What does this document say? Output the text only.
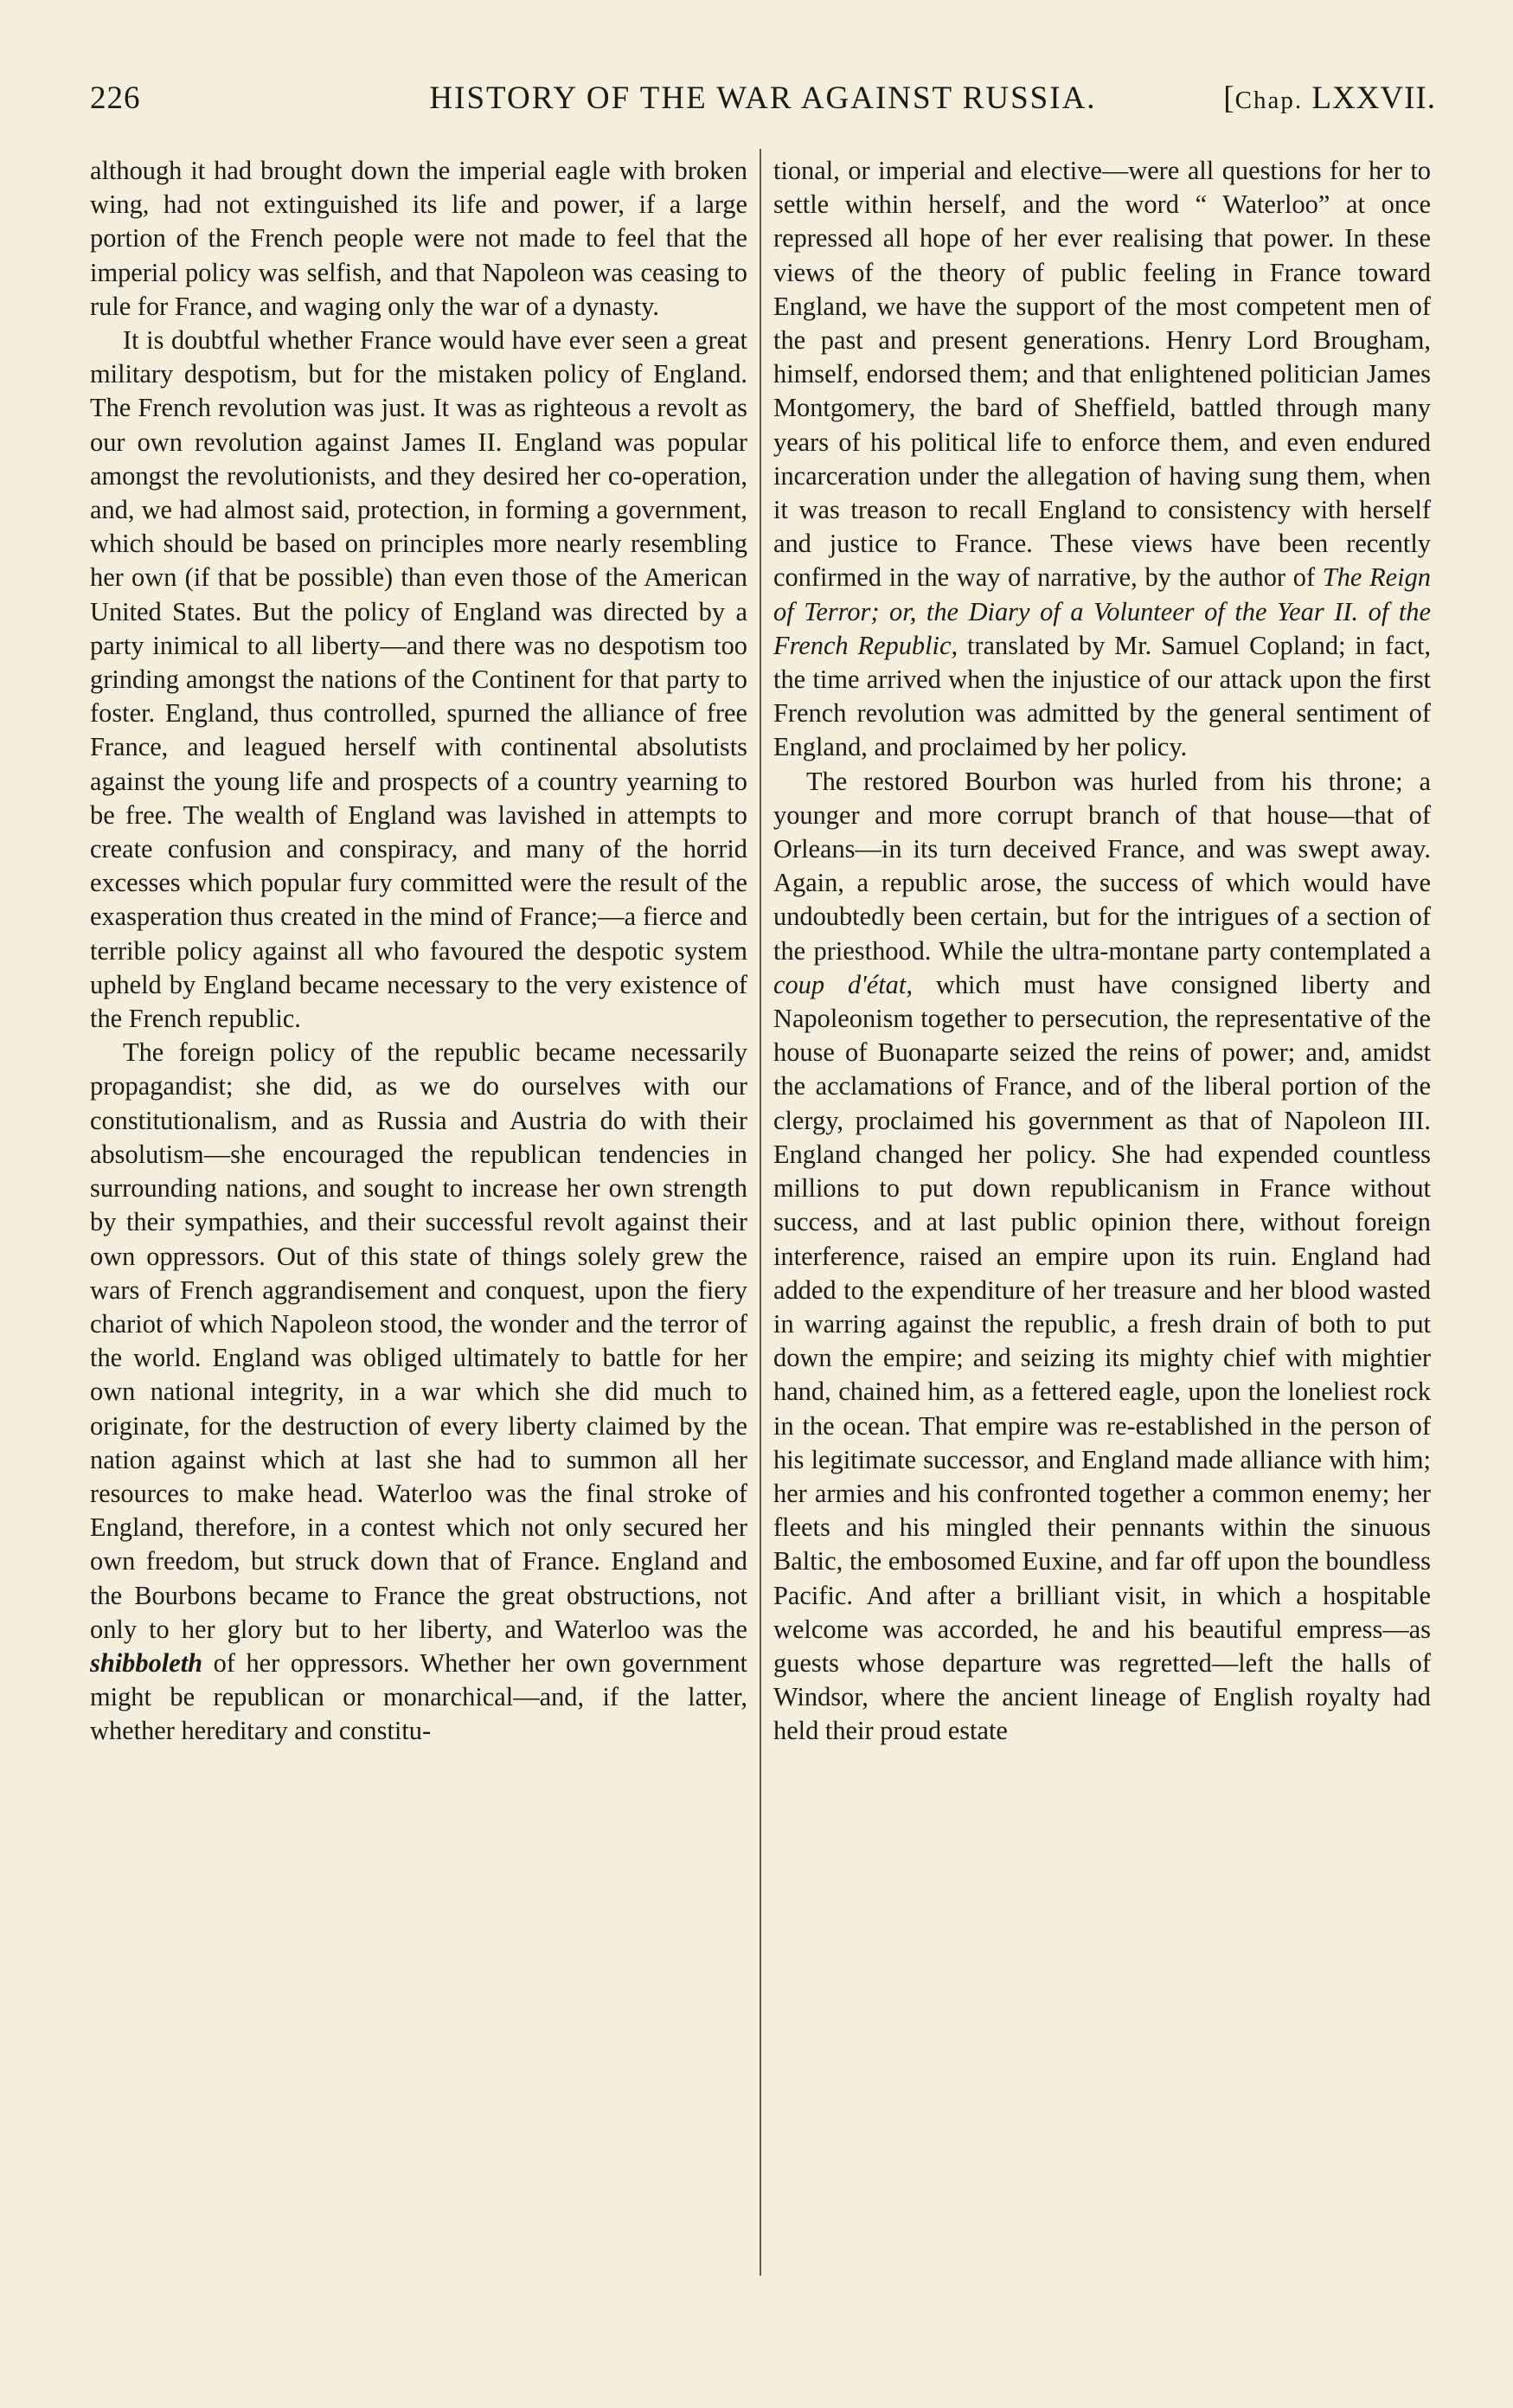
226	HISTORY OF THE WAR AGAINST RUSSIA.	[Chap. LXXVII.

although it had brought down the imperial eagle with broken wing, had not extinguished its life and power, if a large portion of the French people were not made to feel that the imperial policy was selfish, and that Napoleon was ceasing to rule for France, and waging only the war of a dynasty.

It is doubtful whether France would have ever seen a great military despotism, but for the mistaken policy of England. The French revolution was just. It was as righteous a revolt as our own revolution against James II. England was popular amongst the revolutionists, and they desired her co-operation, and, we had almost said, protection, in forming a government, which should be based on principles more nearly resembling her own (if that be possible) than even those of the American United States. But the policy of England was directed by a party inimical to all liberty—and there was no despotism too grinding amongst the nations of the Continent for that party to foster. England, thus controlled, spurned the alliance of free France, and leagued herself with continental absolutists against the young life and prospects of a country yearning to be free. The wealth of England was lavished in attempts to create confusion and conspiracy, and many of the horrid excesses which popular fury committed were the result of the exasperation thus created in the mind of France;—a fierce and terrible policy against all who favoured the despotic system upheld by England became necessary to the very existence of the French republic.

The foreign policy of the republic became necessarily propagandist; she did, as we do ourselves with our constitutionalism, and as Russia and Austria do with their absolutism—she encouraged the republican tendencies in surrounding nations, and sought to increase her own strength by their sympathies, and their successful revolt against their own oppressors. Out of this state of things solely grew the wars of French aggrandisement and conquest, upon the fiery chariot of which Napoleon stood, the wonder and the terror of the world. England was obliged ultimately to battle for her own national integrity, in a war which she did much to originate, for the destruction of every liberty claimed by the nation against which at last she had to summon all her resources to make head. Waterloo was the final stroke of England, therefore, in a contest which not only secured her own freedom, but struck down that of France. England and the Bourbons became to France the great obstructions, not only to her glory but to her liberty, and Waterloo was the shibboleth of her oppressors. Whether her own government might be republican or monarchical—and, if the latter, whether hereditary and constitu-

tional, or imperial and elective—were all questions for her to settle within herself, and the word “ Waterloo” at once repressed all hope of her ever realising that power. In these views of the theory of public feeling in France toward England, we have the support of the most competent men of the past and present generations. Henry Lord Brougham, himself, endorsed them; and that enlightened politician James Montgomery, the bard of Sheffield, battled through many years of his political life to enforce them, and even endured incarceration under the allegation of having sung them, when it was treason to recall England to consistency with herself and justice to France. These views have been recently confirmed in the way of narrative, by the author of The Reign of Terror; or, the Diary of a Volunteer of the Year II. of the French Republic, translated by Mr. Samuel Copland; in fact, the time arrived when the injustice of our attack upon the first French revolution was admitted by the general sentiment of England, and proclaimed by her policy.

The restored Bourbon was hurled from his throne; a younger and more corrupt branch of that house—that of Orleans—in its turn deceived France, and was swept away. Again, a republic arose, the success of which would have undoubtedly been certain, but for the intrigues of a section of the priesthood. While the ultra-montane party contemplated a coup d'état, which must have consigned liberty and Napoleonism together to persecution, the representative of the house of Buonaparte seized the reins of power; and, amidst the acclamations of France, and of the liberal portion of the clergy, proclaimed his government as that of Napoleon III. England changed her policy. She had expended countless millions to put down republicanism in France without success, and at last public opinion there, without foreign interference, raised an empire upon its ruin. England had added to the expenditure of her treasure and her blood wasted in warring against the republic, a fresh drain of both to put down the empire; and seizing its mighty chief with mightier hand, chained him, as a fettered eagle, upon the loneliest rock in the ocean. That empire was re-established in the person of his legitimate successor, and England made alliance with him; her armies and his confronted together a common enemy; her fleets and his mingled their pennants within the sinuous Baltic, the embosomed Euxine, and far off upon the boundless Pacific. And after a brilliant visit, in which a hospitable welcome was accorded, he and his beautiful empress—as guests whose departure was regretted—left the halls of Windsor, where the ancient lineage of English royalty had held their proud estate
